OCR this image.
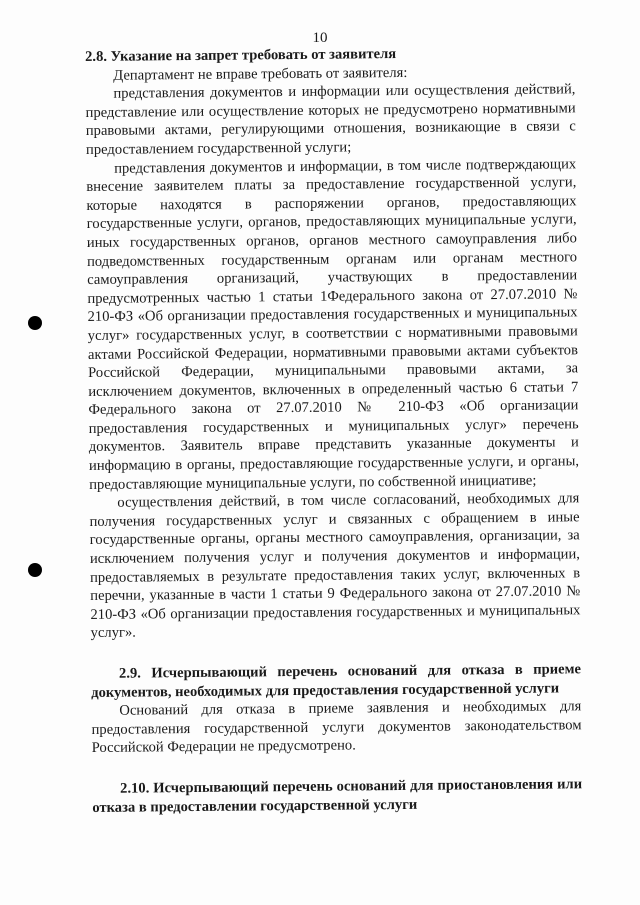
10

2.8. Указание на запрет требовать от заявителя

Департамент не вправе требовать от заявителя:

представления документов и информации или осуществления действий, представление или осуществление которых не предусмотрено нормативными правовыми актами, регулирующими отношения, возникающие в связи с предоставлением государственной услуги;

представления документов и информации, в том числе подтверждающих внесение заявителем платы за предоставление государственной услуги, которые находятся в распоряжении органов, предоставляющих государственные услуги, органов, предоставляющих муниципальные услуги, иных государственных органов, органов местного самоуправления либо подведомственных государственным органам или органам местного самоуправления организаций, участвующих в предоставлении предусмотренных частью 1 статьи 1Федерального закона от 27.07.2010 № 210-ФЗ «Об организации предоставления государственных и муниципальных услуг» государственных услуг, в соответствии с нормативными правовыми актами Российской Федерации, нормативными правовыми актами субъектов Российской Федерации, муниципальными правовыми актами, за исключением документов, включенных в определенный частью 6 статьи 7 Федерального закона от 27.07.2010 № 210-ФЗ «Об организации предоставления государственных и муниципальных услуг» перечень документов. Заявитель вправе представить указанные документы и информацию в органы, предоставляющие государственные услуги, и органы, предоставляющие муниципальные услуги, по собственной инициативе;

осуществления действий, в том числе согласований, необходимых для получения государственных услуг и связанных с обращением в иные государственные органы, органы местного самоуправления, организации, за исключением получения услуг и получения документов и информации, предоставляемых в результате предоставления таких услуг, включенных в перечни, указанные в части 1 статьи 9 Федерального закона от 27.07.2010 № 210-ФЗ «Об организации предоставления государственных и муниципальных услуг».

2.9. Исчерпывающий перечень оснований для отказа в приеме документов, необходимых для предоставления государственной услуги

Оснований для отказа в приеме заявления и необходимых для предоставления государственной услуги документов законодательством Российской Федерации не предусмотрено.

2.10. Исчерпывающий перечень оснований для приостановления или отказа в предоставлении государственной услуги
